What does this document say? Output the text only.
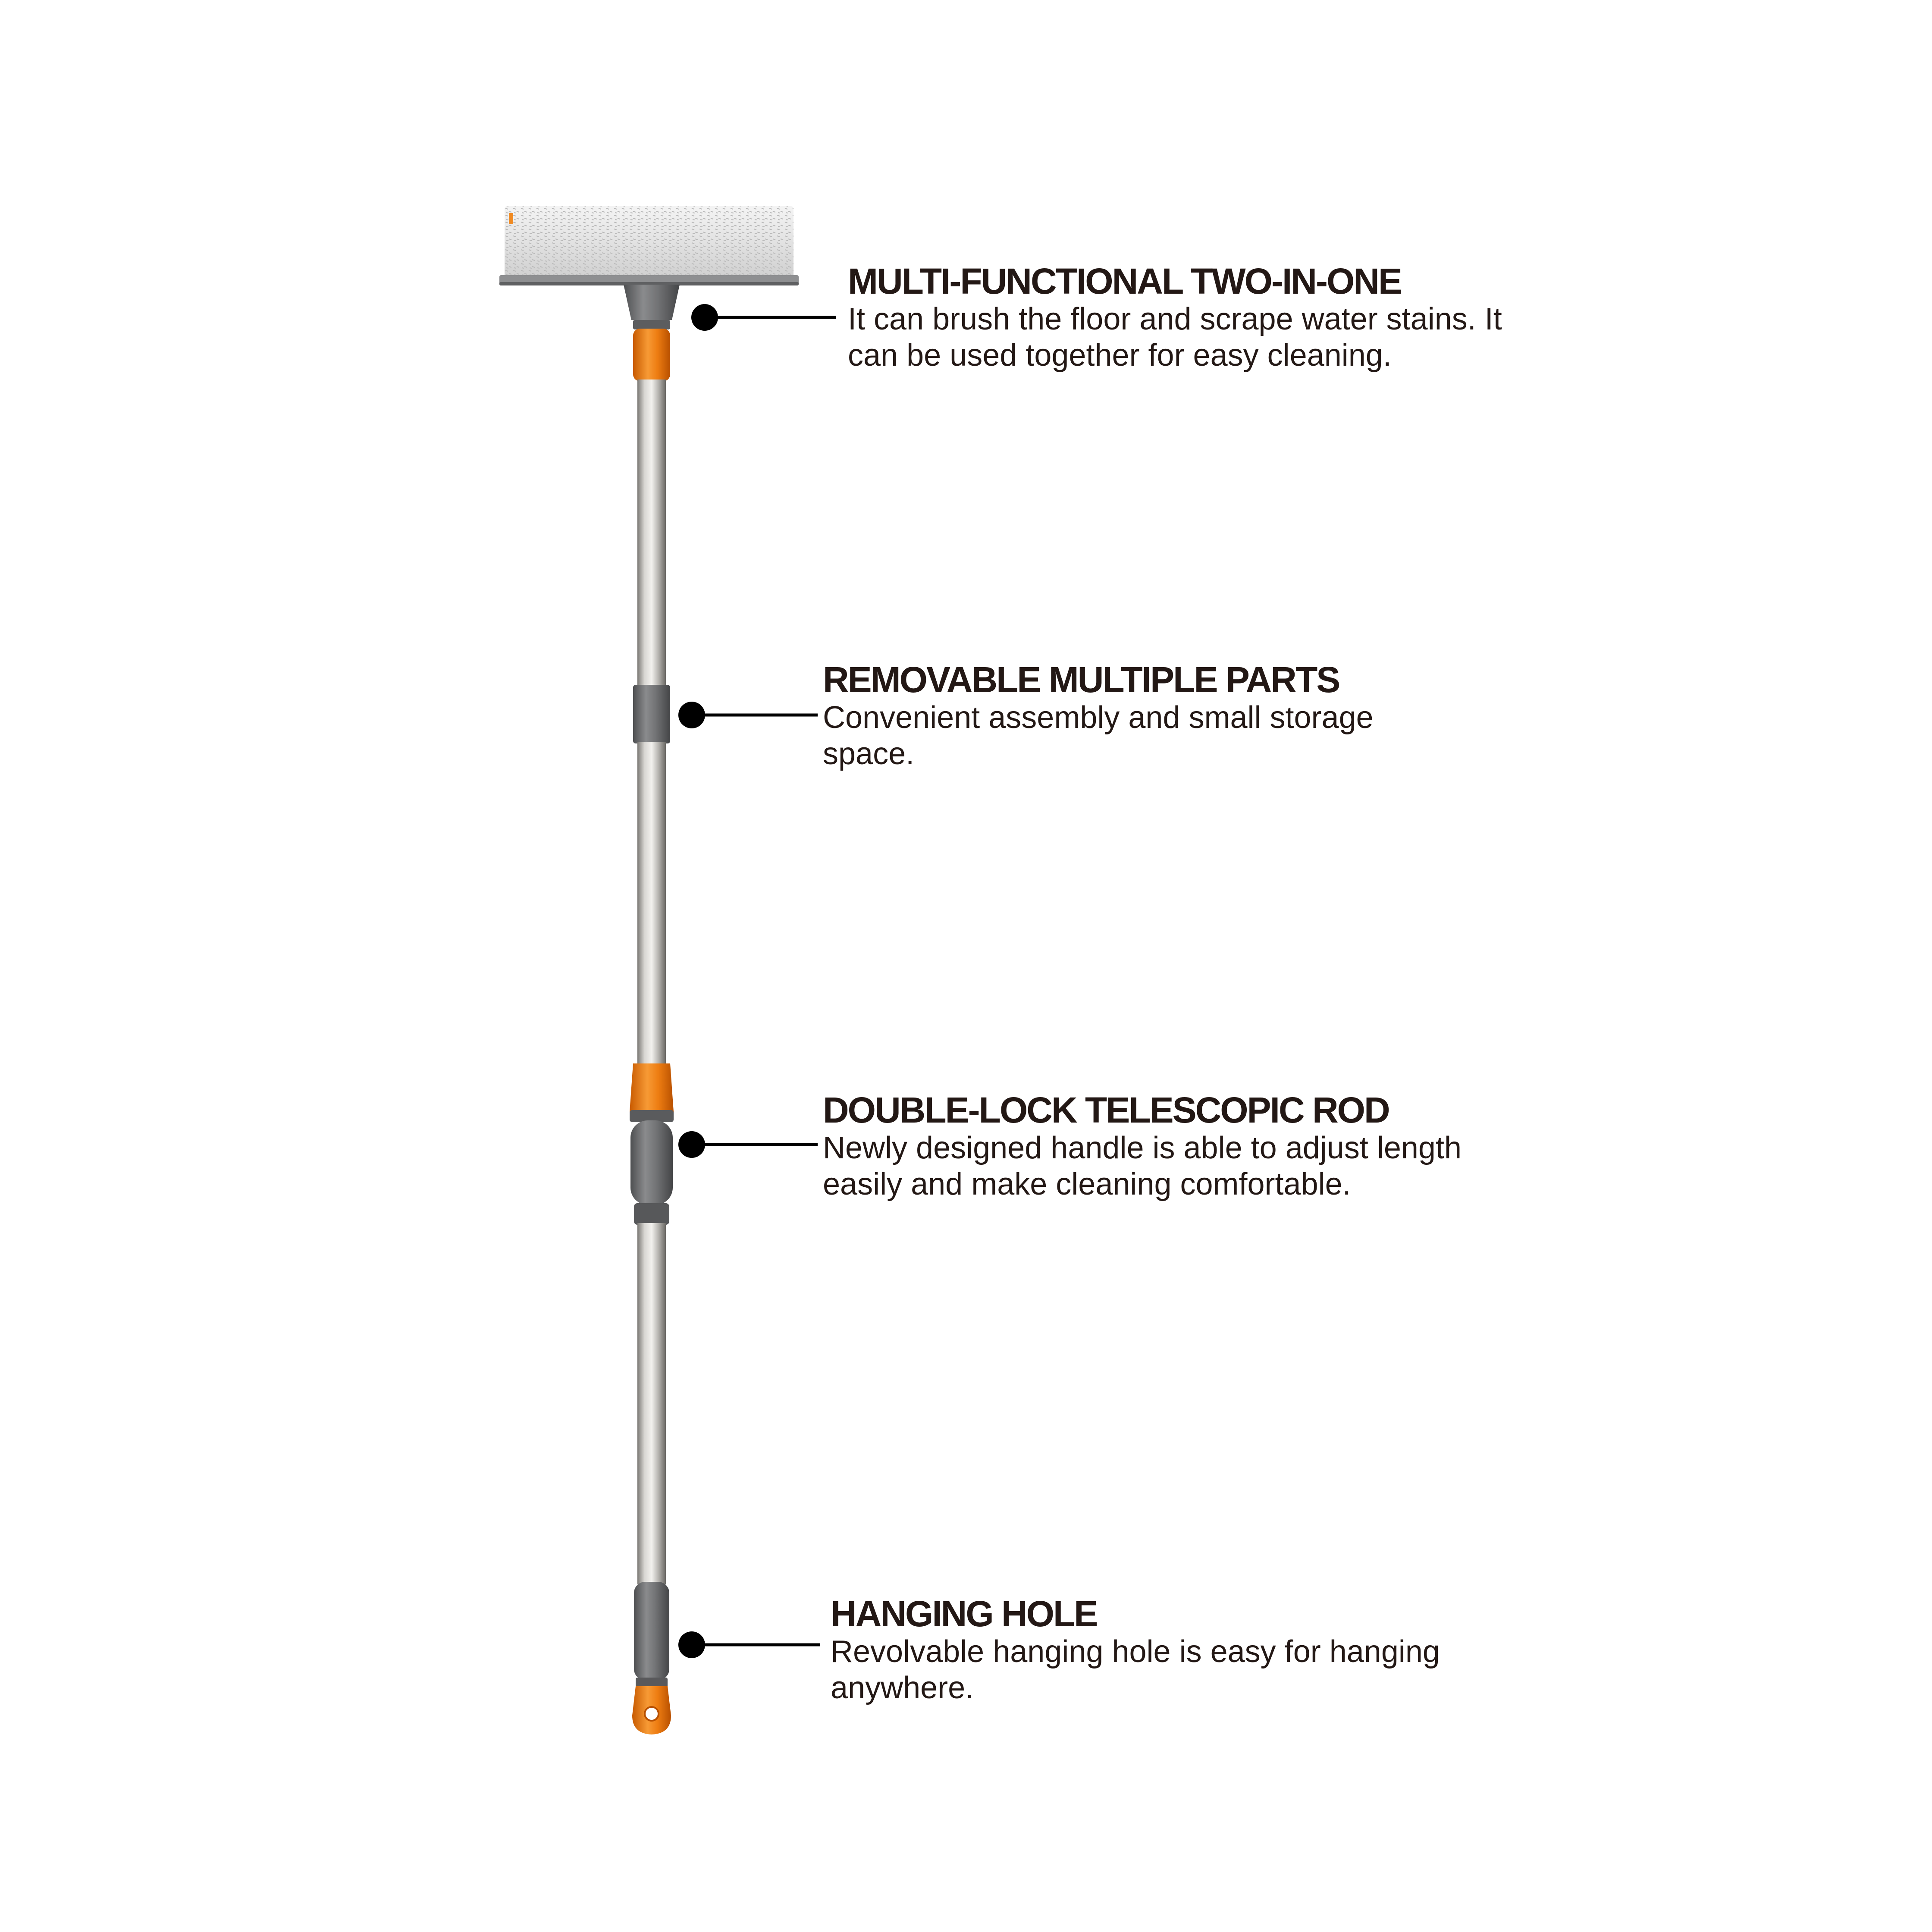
MULTI-FUNCTIONAL TWO-IN-ONE
It can brush the floor and scrape water stains. It can be used together for easy cleaning.
REMOVABLE MULTIPLE PARTS
Convenient assembly and small storage space.
DOUBLE-LOCK TELESCOPIC ROD
Newly designed handle is able to adjust length easily and make cleaning comfortable.
HANGING HOLE
Revolvable hanging hole is easy for hanging anywhere.
